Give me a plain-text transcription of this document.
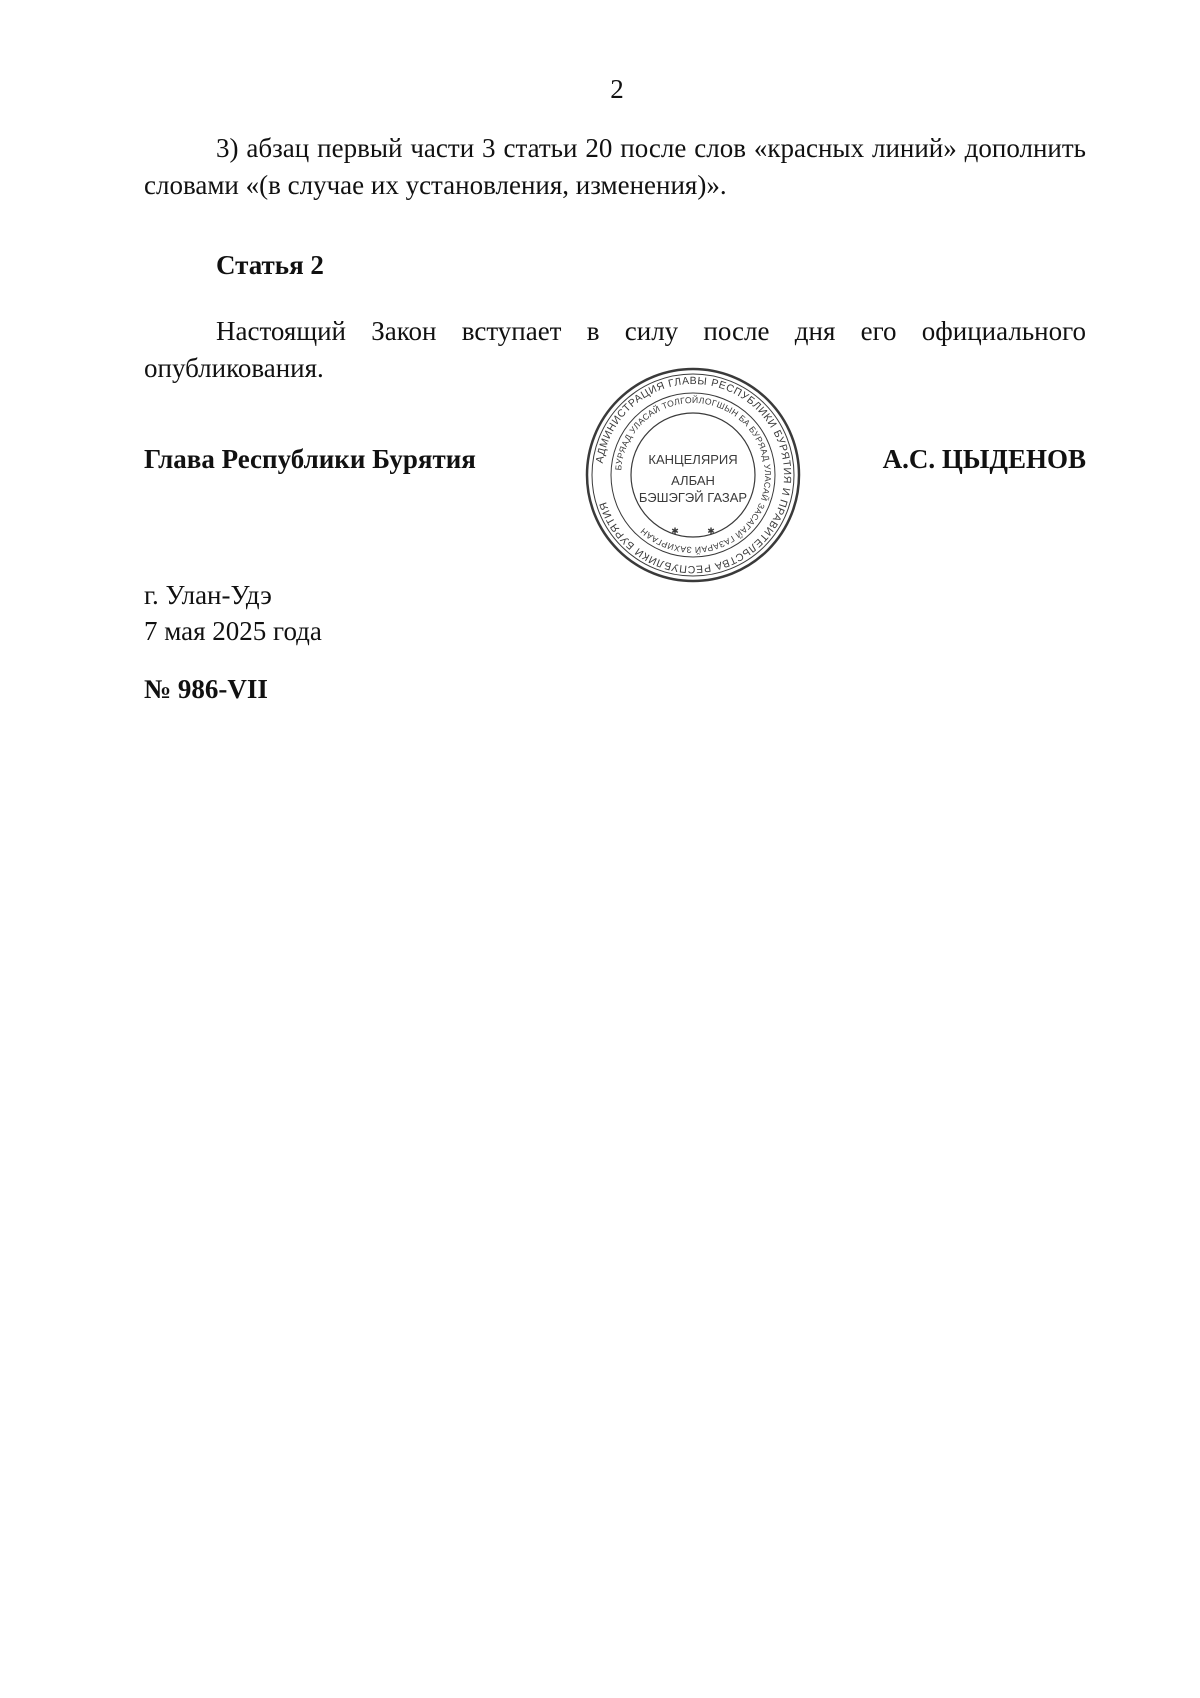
2
3) абзац первый части 3 статьи 20 после слов «красных линий» дополнить словами «(в случае их установления, изменения)».
Статья 2
Настоящий Закон вступает в силу после дня его официального опубликования.
Глава Республики Бурятия	АДМИНИСТРАЦИЯ ГЛАВЫ РЕСПУБЛИКИ БУРЯТИЯ И ПРАВИТЕЛЬСТВА РЕСПУБЛИКИ БУРЯТИЯ
БУРЯАД УЛАСАЙ ТОЛГОЙЛОГШЫН БА БУРЯАД УЛАСАЙ ЗАСАГАЙ ГАЗАРАЙ ЗАХИРГААН
КАНЦЕЛЯРИЯ
АЛБАН
БЭШЭГЭЙ ГАЗАР
✱	✱
А.С. ЦЫДЕНОВ
г. Улан-Удэ
7 мая 2025 года
№ 986-VII
